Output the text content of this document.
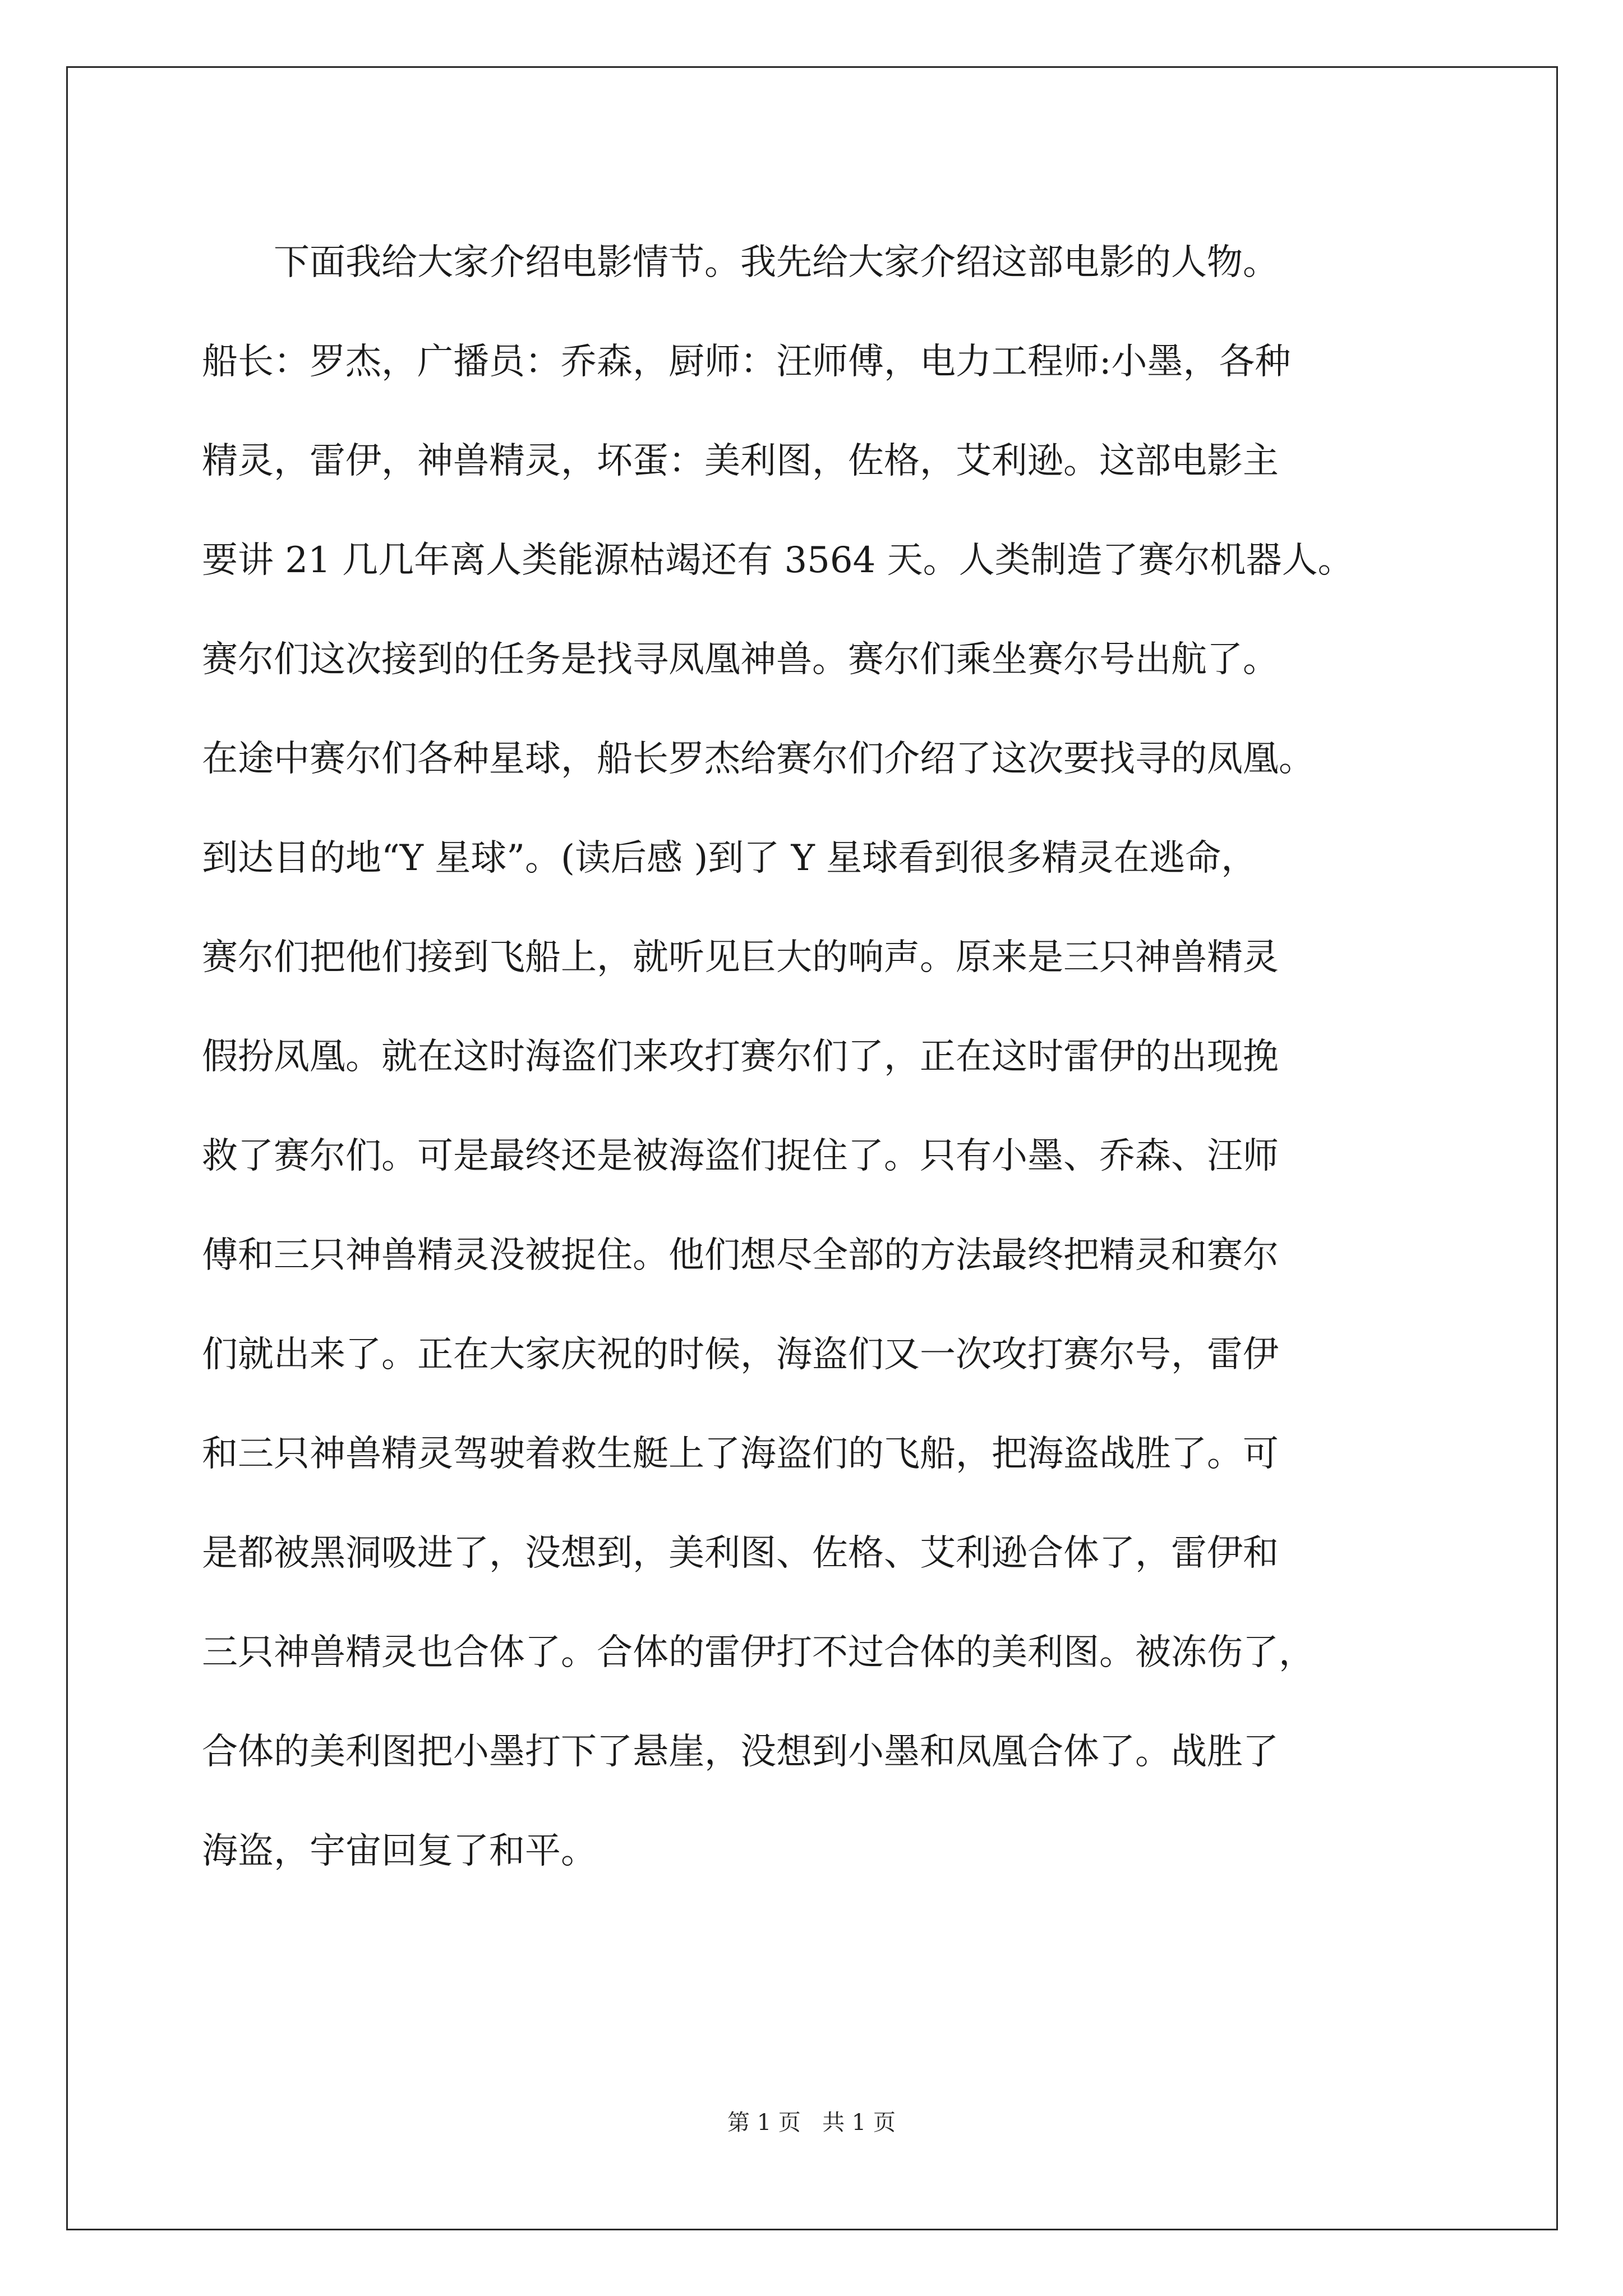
　　下面我给大家介绍电影情节。我先给大家介绍这部电影的人物。

船长：罗杰，广播员：乔森，厨师：汪师傅，电力工程师:小墨，各种

精灵，雷伊，神兽精灵，坏蛋：美利图，佐格，艾利逊。这部电影主

要讲 21 几几年离人类能源枯竭还有 3564 天。人类制造了赛尔机器人。

赛尔们这次接到的任务是找寻凤凰神兽。赛尔们乘坐赛尔号出航了。

在途中赛尔们各种星球，船长罗杰给赛尔们介绍了这次要找寻的凤凰。

到达目的地“Y 星球”。(读后感 )到了 Y 星球看到很多精灵在逃命，

赛尔们把他们接到飞船上，就听见巨大的响声。原来是三只神兽精灵

假扮凤凰。就在这时海盗们来攻打赛尔们了，正在这时雷伊的出现挽

救了赛尔们。可是最终还是被海盗们捉住了。只有小墨、乔森、汪师

傅和三只神兽精灵没被捉住。他们想尽全部的方法最终把精灵和赛尔

们就出来了。正在大家庆祝的时候，海盗们又一次攻打赛尔号，雷伊

和三只神兽精灵驾驶着救生艇上了海盗们的飞船，把海盗战胜了。可

是都被黑洞吸进了，没想到，美利图、佐格、艾利逊合体了，雷伊和

三只神兽精灵也合体了。合体的雷伊打不过合体的美利图。被冻伤了，

合体的美利图把小墨打下了悬崖，没想到小墨和凤凰合体了。战胜了

海盗，宇宙回复了和平。

第 1 页   共 1 页
